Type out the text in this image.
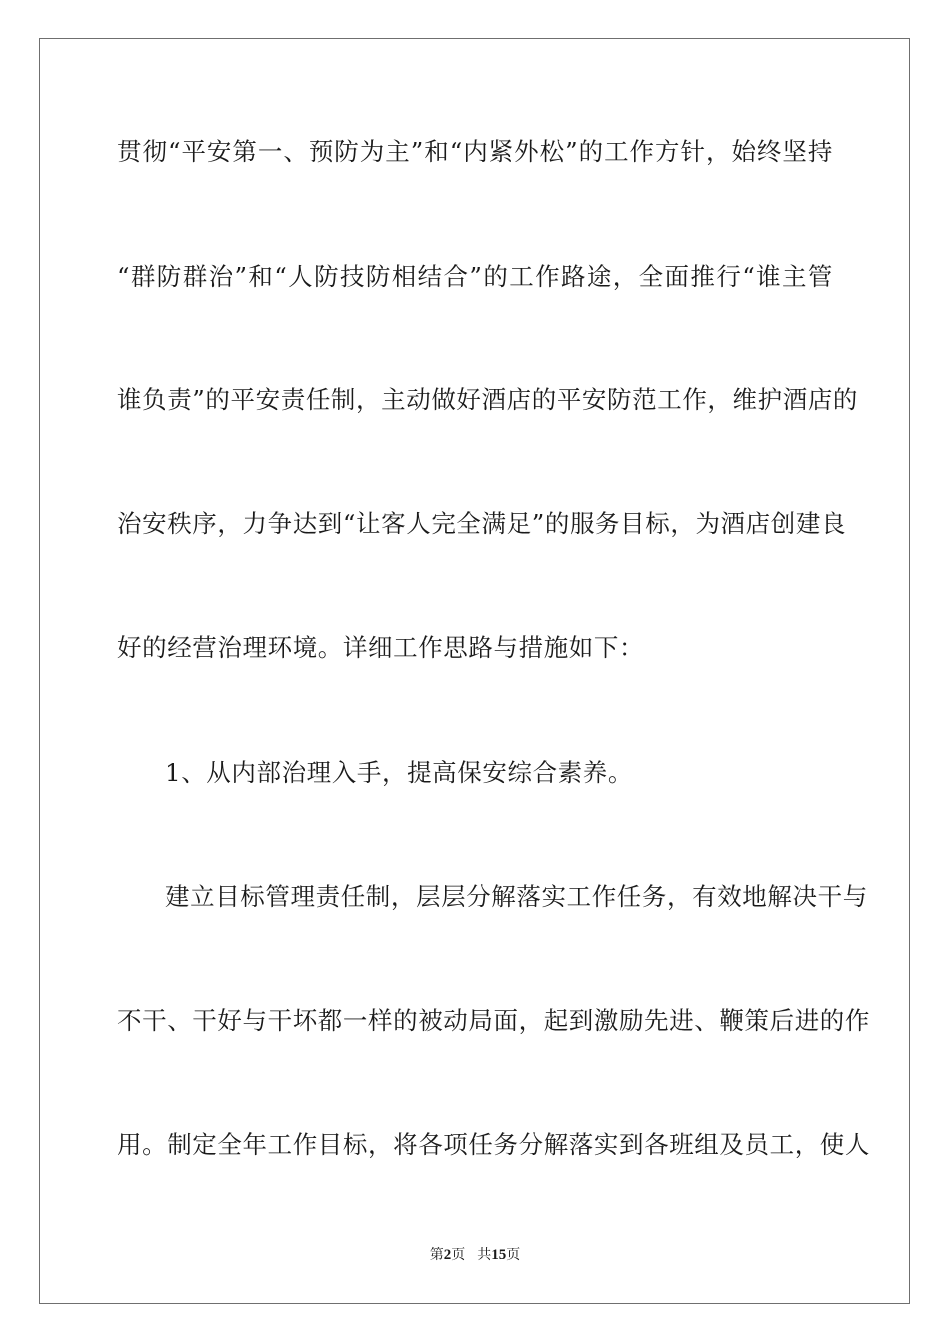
贯彻“平安第一、预防为主”和“内紧外松”的工作方针，始终坚持
“群防群治”和“人防技防相结合”的工作路途，全面推行“谁主管
谁负责”的平安责任制，主动做好酒店的平安防范工作，维护酒店的
治安秩序，力争达到“让客人完全满足”的服务目标，为酒店创建良
好的经营治理环境。详细工作思路与措施如下：
1、从内部治理入手，提高保安综合素养。
建立目标管理责任制，层层分解落实工作任务，有效地解决干与
不干、干好与干坏都一样的被动局面，起到激励先进、鞭策后进的作
用。制定全年工作目标，将各项任务分解落实到各班组及员工，使人
第2页 共15页
